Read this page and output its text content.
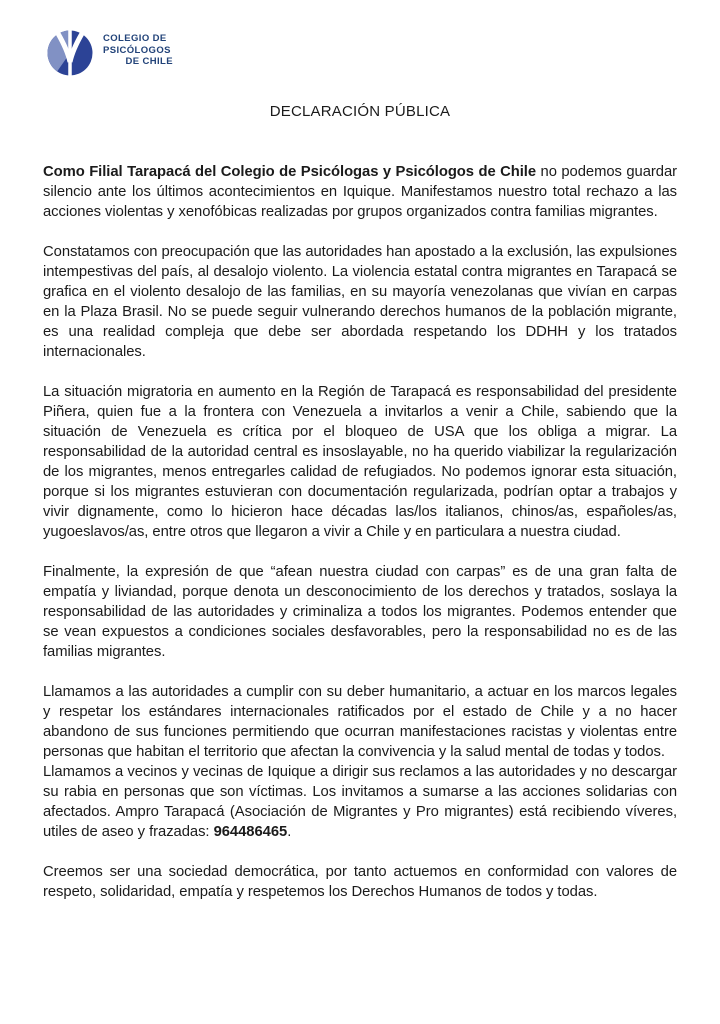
COLEGIO DE
PSICÓLOGOS
DE CHILE
DECLARACIÓN PÚBLICA

Como Filial Tarapacá del Colegio de Psicólogas y Psicólogos de Chile no podemos guardar silencio ante los últimos acontecimientos en Iquique. Manifestamos nuestro total rechazo a las acciones violentas y xenofóbicas realizadas por grupos organizados contra familias migrantes.

Constatamos con preocupación que las autoridades han apostado a la exclusión, las expulsiones intempestivas del país, al desalojo violento. La violencia estatal contra migrantes en Tarapacá se grafica en el violento desalojo de las familias, en su mayoría venezolanas que vivían en carpas en la Plaza Brasil. No se puede seguir vulnerando derechos humanos de la población migrante, es una realidad compleja que debe ser abordada respetando los DDHH y los tratados internacionales.

La situación migratoria en aumento en la Región de Tarapacá es responsabilidad del presidente Piñera, quien fue a la frontera con Venezuela a invitarlos a venir a Chile, sabiendo que la situación de Venezuela es crítica por el bloqueo de USA que los obliga a migrar. La responsabilidad de la autoridad central es insoslayable, no ha querido viabilizar la regularización de los migrantes, menos entregarles calidad de refugiados. No podemos ignorar esta situación, porque si los migrantes estuvieran con documentación regularizada, podrían optar a trabajos y vivir dignamente, como lo hicieron hace décadas las/los italianos, chinos/as, españoles/as, yugoeslavos/as, entre otros que llegaron a vivir a Chile y en particulara a nuestra ciudad.

Finalmente, la expresión de que “afean nuestra ciudad con carpas” es de una gran falta de empatía y liviandad, porque denota un desconocimiento de los derechos y tratados, soslaya la responsabilidad de las autoridades y criminaliza a todos los migrantes. Podemos entender que se vean expuestos a condiciones sociales desfavorables, pero la responsabilidad no es de las familias migrantes.

Llamamos a las autoridades a cumplir con su deber humanitario, a actuar en los marcos legales y respetar los estándares internacionales ratificados por el estado de Chile y a no hacer abandono de sus funciones permitiendo que ocurran manifestaciones racistas y violentas entre personas que habitan el territorio que afectan la convivencia y la salud mental de todas y todos.

Llamamos a vecinos y vecinas de Iquique a dirigir sus reclamos a las autoridades y no descargar su rabia en personas que son víctimas. Los invitamos a sumarse a las acciones solidarias con afectados. Ampro Tarapacá (Asociación de Migrantes y Pro migrantes) está recibiendo víveres, utiles de aseo y frazadas: 964486465.

Creemos ser una sociedad democrática, por tanto actuemos en conformidad con valores de respeto, solidaridad, empatía y respetemos los Derechos Humanos de todos y todas.
